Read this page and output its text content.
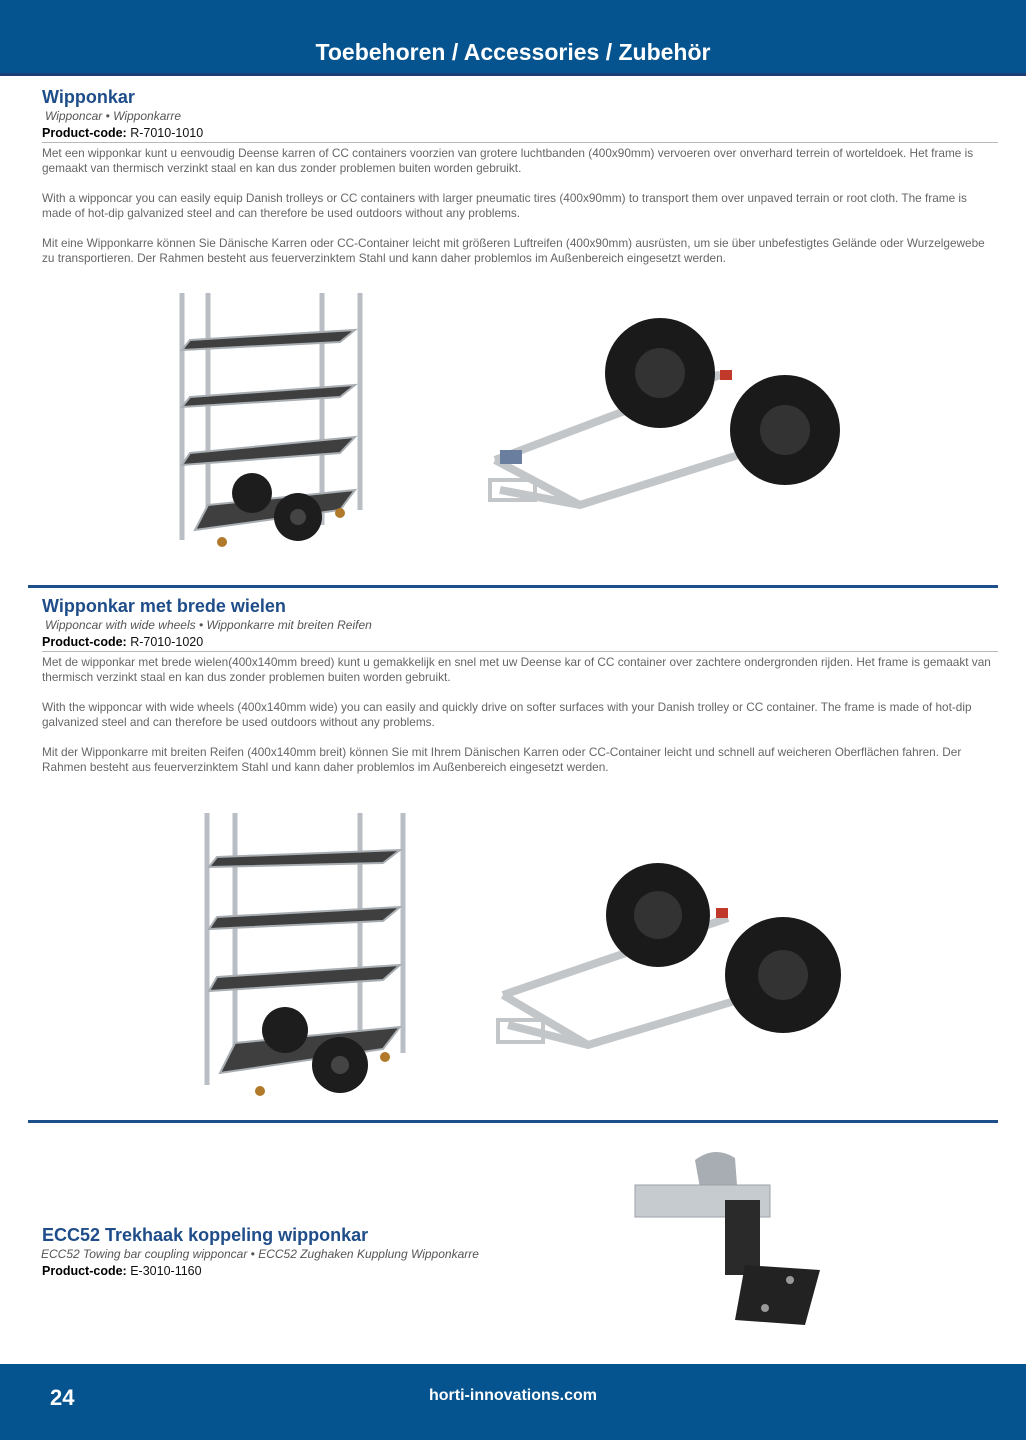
Toebehoren / Accessories / Zubehör
Wipponkar
Wipponcar • Wipponkarre
Product-code: R-7010-1010

Met een wipponkar kunt u eenvoudig Deense karren of CC containers voorzien van grotere luchtbanden (400x90mm) vervoeren over onverhard terrein of worteldoek. Het frame is gemaakt van thermisch verzinkt staal en kan dus zonder problemen buiten worden gebruikt.

With a wipponcar you can easily equip Danish trolleys or CC containers with larger pneumatic tires (400x90mm) to transport them over unpaved terrain or root cloth. The frame is made of hot-dip galvanized steel and can therefore be used outdoors without any problems.

Mit eine Wipponkarre können Sie Dänische Karren oder CC-Container leicht mit größeren Luftreifen (400x90mm) ausrüsten, um sie über unbefestigtes Gelände oder Wurzelgewebe zu transportieren. Der Rahmen besteht aus feuerverzinktem Stahl und kann daher problemlos im Außenbereich eingesetzt werden.

Wipponkar met brede wielen
Wipponcar with wide wheels • Wipponkarre mit breiten Reifen
Product-code: R-7010-1020

Met de wipponkar met brede wielen(400x140mm breed) kunt u gemakkelijk en snel met uw Deense kar of CC container over zachtere ondergronden rijden. Het frame is gemaakt van thermisch verzinkt staal en kan dus zonder problemen buiten worden gebruikt.

With the wipponcar with wide wheels (400x140mm wide) you can easily and quickly drive on softer surfaces with your Danish trolley or CC container. The frame is made of hot-dip galvanized steel and can therefore be used outdoors without any problems.

Mit der Wipponkarre mit breiten Reifen (400x140mm breit) können Sie mit Ihrem Dänischen Karren oder CC-Container leicht und schnell auf weicheren Oberflächen fahren. Der Rahmen besteht aus feuerverzinktem Stahl und kann daher problemlos im Außenbereich eingesetzt werden.

ECC52 Trekhaak koppeling wipponkar
ECC52 Towing bar coupling wipponcar • ECC52 Zughaken Kupplung Wipponkarre
Product-code: E-3010-1160
24	horti-innovations.com
